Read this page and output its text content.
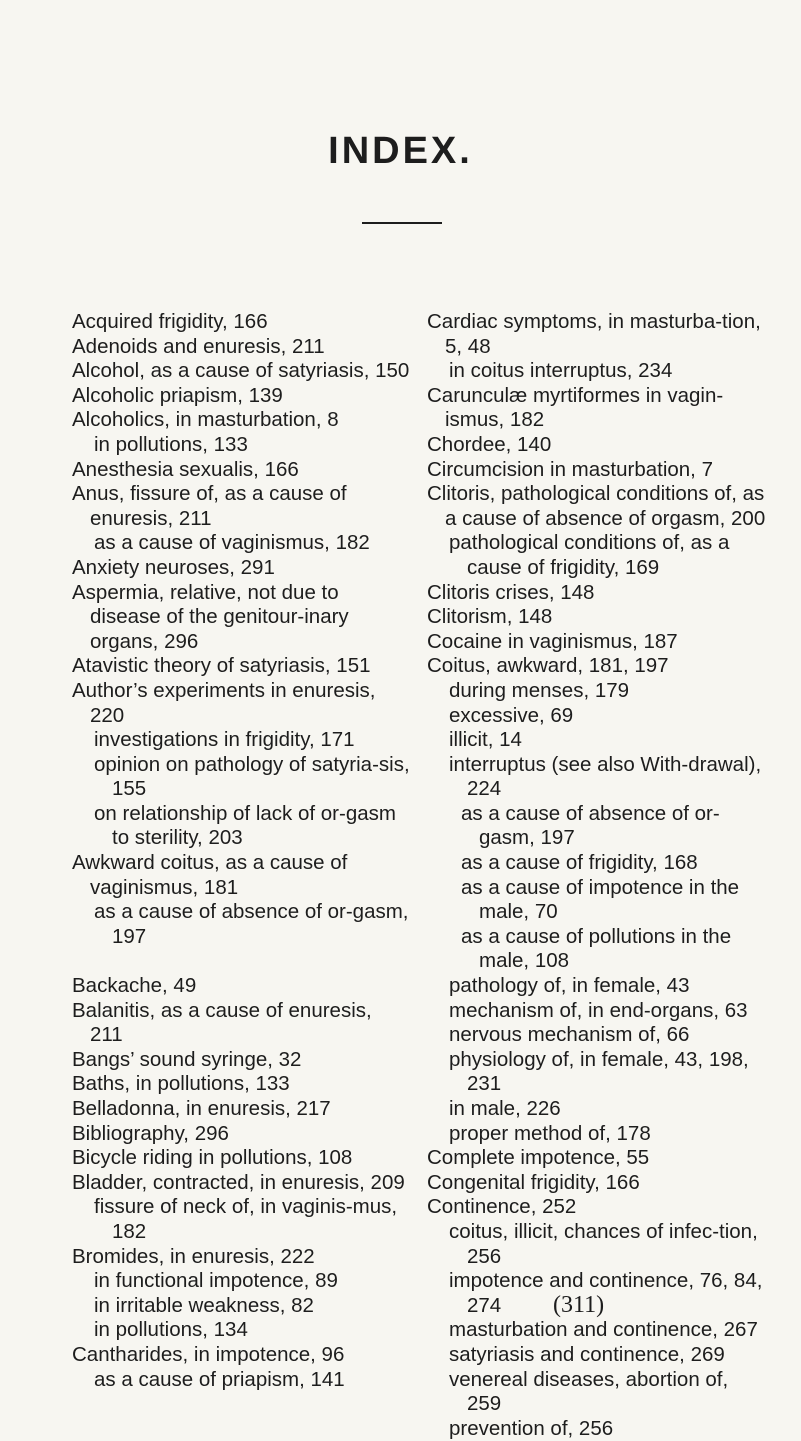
INDEX.

Acquired frigidity, 166

Adenoids and enuresis, 211

Alcohol, as a cause of satyriasis, 150

Alcoholic priapism, 139

Alcoholics, in masturbation, 8

in pollutions, 133

Anesthesia sexualis, 166

Anus, fissure of, as a cause of enuresis, 211

as a cause of vaginismus, 182

Anxiety neuroses, 291

Aspermia, relative, not due to disease of the genitour-inary organs, 296

Atavistic theory of satyriasis, 151

Author’s experiments in enuresis, 220

investigations in frigidity, 171

opinion on pathology of satyria-sis, 155

on relationship of lack of or-gasm to sterility, 203

Awkward coitus, as a cause of vaginismus, 181

as a cause of absence of or-gasm, 197

Backache, 49

Balanitis, as a cause of enuresis, 211

Bangs’ sound syringe, 32

Baths, in pollutions, 133

Belladonna, in enuresis, 217

Bibliography, 296

Bicycle riding in pollutions, 108

Bladder, contracted, in enuresis, 209

fissure of neck of, in vaginis-mus, 182

Bromides, in enuresis, 222

in functional impotence, 89

in irritable weakness, 82

in pollutions, 134

Cantharides, in impotence, 96

as a cause of priapism, 141

Cardiac symptoms, in masturba-tion, 5, 48

in coitus interruptus, 234

Carunculæ myrtiformes in vagin-ismus, 182

Chordee, 140

Circumcision in masturbation, 7

Clitoris, pathological conditions of, as a cause of absence of orgasm, 200

pathological conditions of, as a cause of frigidity, 169

Clitoris crises, 148

Clitorism, 148

Cocaine in vaginismus, 187

Coitus, awkward, 181, 197

during menses, 179

excessive, 69

illicit, 14

interruptus (see also With-drawal), 224

as a cause of absence of or-gasm, 197

as a cause of frigidity, 168

as a cause of impotence in the male, 70

as a cause of pollutions in the male, 108

pathology of, in female, 43

mechanism of, in end-organs, 63

nervous mechanism of, 66

physiology of, in female, 43, 198, 231

in male, 226

proper method of, 178

Complete impotence, 55

Congenital frigidity, 166

Continence, 252

coitus, illicit, chances of infec-tion, 256

impotence and continence, 76, 84, 274

masturbation and continence, 267

satyriasis and continence, 269

venereal diseases, abortion of, 259

prevention of, 256

(311)
